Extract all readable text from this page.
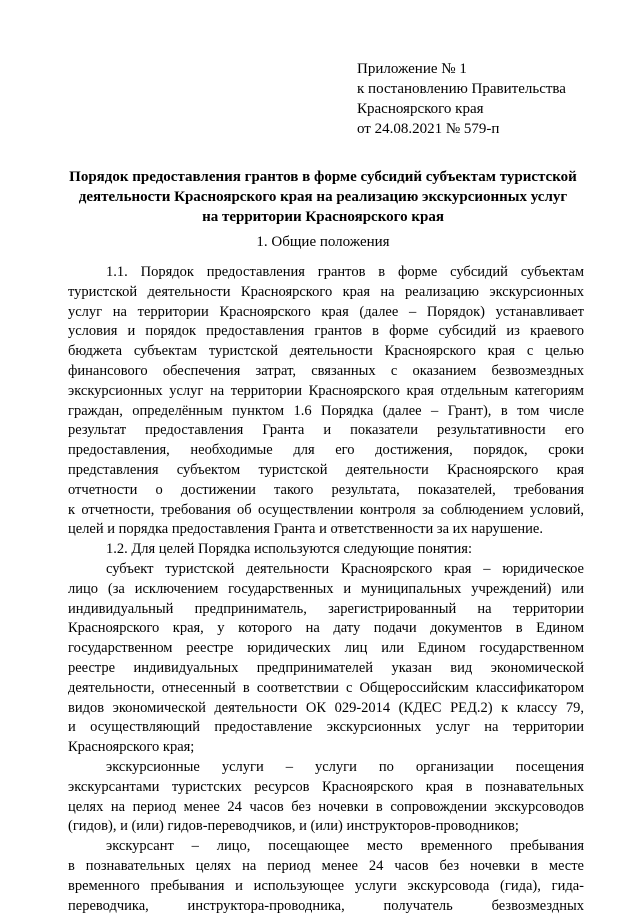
Приложение № 1
к постановлению Правительства
Красноярского края
от 24.08.2021 № 579-п
Порядок предоставления грантов в форме субсидий субъектам туристской
деятельности Красноярского края на реализацию экскурсионных услуг
на территории Красноярского края
1. Общие положения
1.1. Порядок предоставления грантов в форме субсидий субъектам
туристской деятельности Красноярского края на реализацию экскурсионных
услуг на территории Красноярского края (далее – Порядок) устанавливает
условия и порядок предоставления грантов в форме субсидий из краевого
бюджета субъектам туристской деятельности Красноярского края с целью
финансового обеспечения затрат, связанных с оказанием безвозмездных
экскурсионных услуг на территории Красноярского края отдельным категориям
граждан, определённым пунктом 1.6 Порядка (далее – Грант), в том числе
результат предоставления Гранта и показатели результативности его
предоставления, необходимые для его достижения, порядок, сроки
представления субъектом туристской деятельности Красноярского края
отчетности о достижении такого результата, показателей, требования
к отчетности, требования об осуществлении контроля за соблюдением условий,
целей и порядка предоставления Гранта и ответственности за их нарушение.
1.2. Для целей Порядка используются следующие понятия:
субъект туристской деятельности Красноярского края – юридическое
лицо (за исключением государственных и муниципальных учреждений) или
индивидуальный предприниматель, зарегистрированный на территории
Красноярского края, у которого на дату подачи документов в Едином
государственном реестре юридических лиц или Едином государственном
реестре индивидуальных предпринимателей указан вид экономической
деятельности, отнесенный в соответствии с Общероссийским классификатором
видов экономической деятельности ОК 029-2014 (КДЕС РЕД.2) к классу 79,
и осуществляющий предоставление экскурсионных услуг на территории
Красноярского края;
экскурсионные услуги – услуги по организации посещения
экскурсантами туристских ресурсов Красноярского края в познавательных
целях на период менее 24 часов без ночевки в сопровождении экскурсоводов
(гидов), и (или) гидов-переводчиков, и (или) инструкторов-проводников;
экскурсант – лицо, посещающее место временного пребывания
в познавательных целях на период менее 24 часов без ночевки в месте
временного пребывания и использующее услуги экскурсовода (гида), гида-
переводчика, инструктора-проводника, получатель безвозмездных
